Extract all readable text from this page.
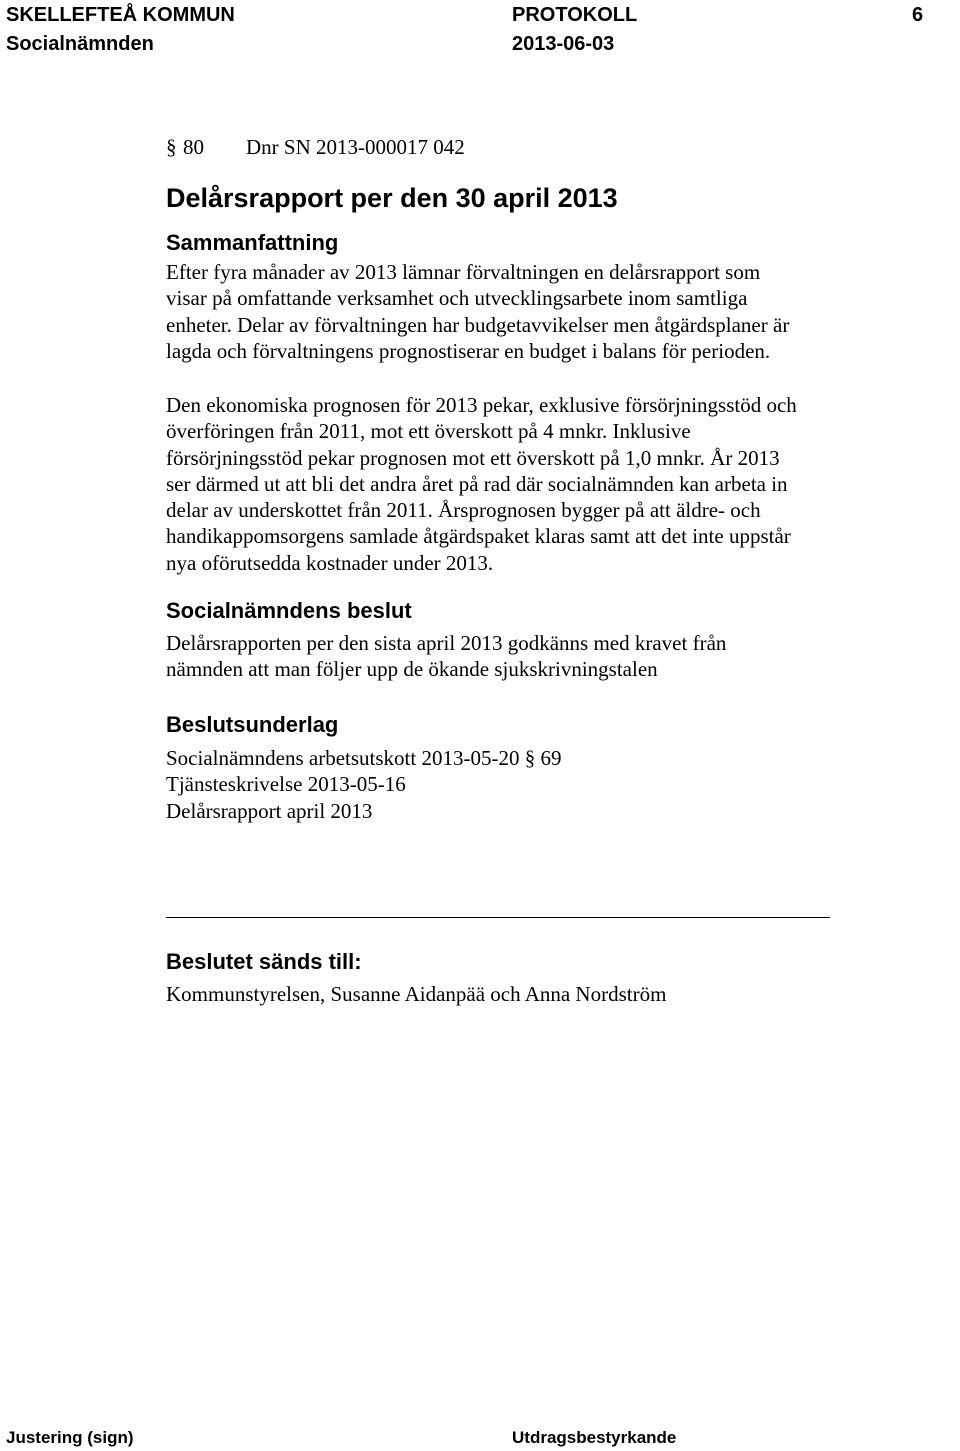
SKELLEFTEÅ KOMMUN	PROTOKOLL	6
Socialnämnden	2013-06-03
§ 80 Dnr SN 2013-000017 042
Delårsrapport per den 30 april 2013
Sammanfattning
Efter fyra månader av 2013 lämnar förvaltningen en delårsrapport som
visar på omfattande verksamhet och utvecklingsarbete inom samtliga
enheter. Delar av förvaltningen har budgetavvikelser men åtgärdsplaner är
lagda och förvaltningens prognostiserar en budget i balans för perioden.
Den ekonomiska prognosen för 2013 pekar, exklusive försörjningsstöd och
överföringen från 2011, mot ett överskott på 4 mnkr. Inklusive
försörjningsstöd pekar prognosen mot ett överskott på 1,0 mnkr. År 2013
ser därmed ut att bli det andra året på rad där socialnämnden kan arbeta in
delar av underskottet från 2011. Årsprognosen bygger på att äldre- och
handikappomsorgens samlade åtgärdspaket klaras samt att det inte uppstår
nya oförutsedda kostnader under 2013.
Socialnämndens beslut
Delårsrapporten per den sista april 2013 godkänns med kravet från
nämnden att man följer upp de ökande sjukskrivningstalen
Beslutsunderlag
Socialnämndens arbetsutskott 2013-05-20 § 69
Tjänsteskrivelse 2013-05-16
Delårsrapport april 2013
Beslutet sänds till:
Kommunstyrelsen, Susanne Aidanpää och Anna Nordström
Justering (sign)	Utdragsbestyrkande
